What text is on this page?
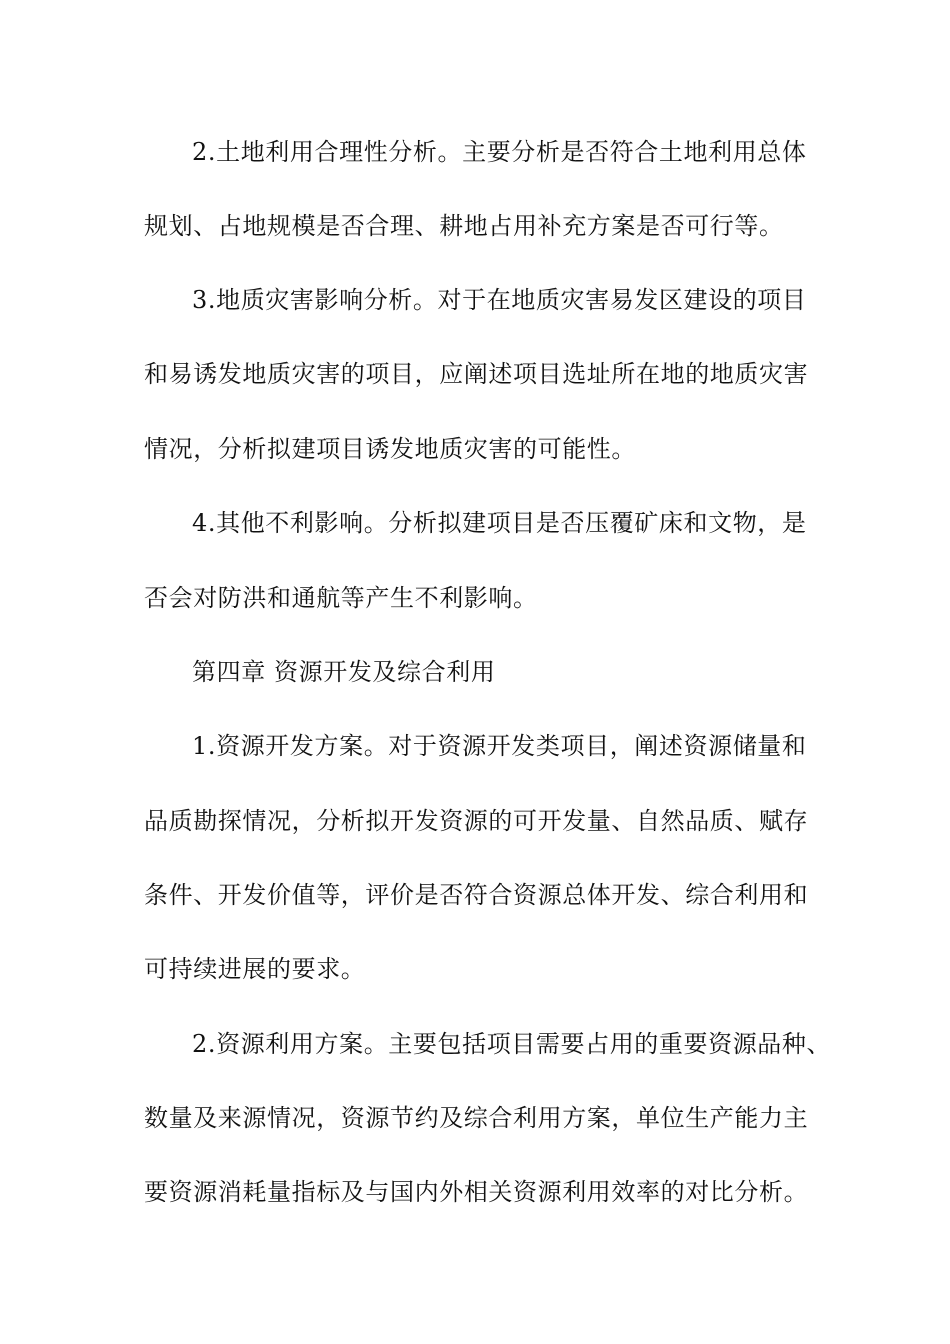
2.土地利用合理性分析。主要分析是否符合土地利用总体
规划、占地规模是否合理、耕地占用补充方案是否可行等。
3.地质灾害影响分析。对于在地质灾害易发区建设的项目
和易诱发地质灾害的项目，应阐述项目选址所在地的地质灾害
情况，分析拟建项目诱发地质灾害的可能性。
4.其他不利影响。分析拟建项目是否压覆矿床和文物，是
否会对防洪和通航等产生不利影响。
第四章 资源开发及综合利用
1.资源开发方案。对于资源开发类项目，阐述资源储量和
品质勘探情况，分析拟开发资源的可开发量、自然品质、赋存
条件、开发价值等，评价是否符合资源总体开发、综合利用和
可持续进展的要求。
2.资源利用方案。主要包括项目需要占用的重要资源品种、
数量及来源情况，资源节约及综合利用方案，单位生产能力主
要资源消耗量指标及与国内外相关资源利用效率的对比分析。
